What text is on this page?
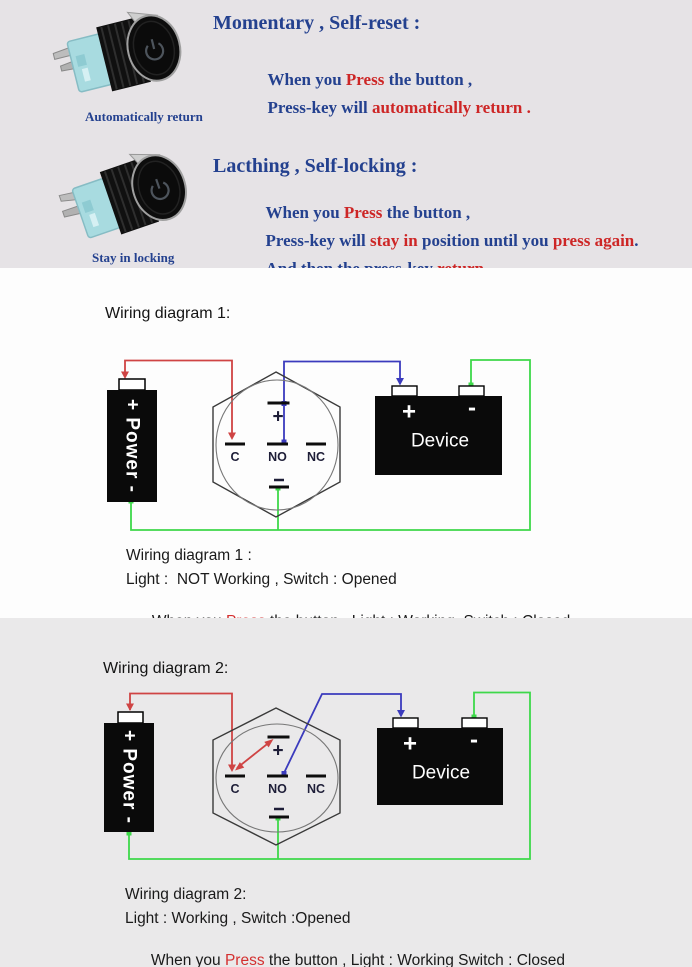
Automatically return
Momentary , Self-reset :

When you Press the button ,

Press-key will automatically return .

Stay in locking
Lacthing , Self-locking :

When you Press the button ,

Press-key will stay in position until you press again.

Wiring diagram 1:
+ Power -	+
C NO NC
+ -
Device
Wiring diagram 1 :
Light :  NOT Working , Switch : Opened

Wiring diagram 2:
+ Power -	+
C NO NC
+ -
Device
Wiring diagram 2:
Light : Working , Switch :Opened

When you Press the button , Light : Working Switch : Closed
